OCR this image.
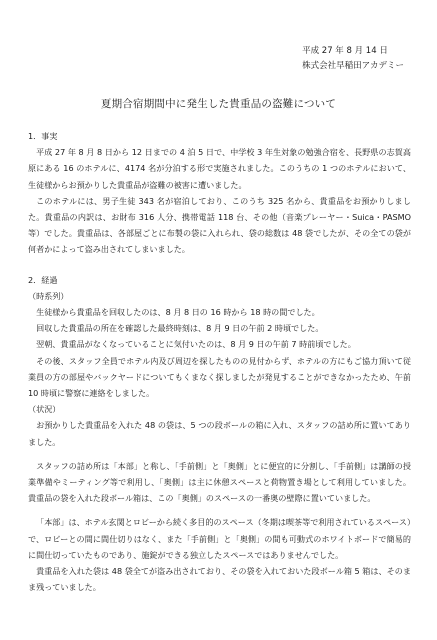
平成 27 年 8 月 14 日
株式会社早稲田アカデミー
夏期合宿期間中に発生した貴重品の盗難について

1．事実

平成 27 年 8 月 8 日から 12 日までの 4 泊 5 日で、中学校 3 年生対象の勉強合宿を、長野県の志賀高原にある 16 のホテルに、4174 名が分泊する形で実施されました。このうちの 1 つのホテルにおいて、生徒様からお預かりした貴重品が盗難の被害に遭いました。

このホテルには、男子生徒 343 名が宿泊しており、このうち 325 名から、貴重品をお預かりしました。貴重品の内訳は、お財布 316 人分、携帯電話 118 台、その他（音楽プレーヤー・Suica・PASMO 等）でした。貴重品は、各部屋ごとに布製の袋に入れられ、袋の総数は 48 袋でしたが、その全ての袋が何者かによって盗み出されてしまいました。

2．経過

（時系列）

生徒様から貴重品を回収したのは、8 月 8 日の 16 時から 18 時の間でした。

回収した貴重品の所在を確認した最終時刻は、8 月 9 日の午前 2 時頃でした。

翌朝、貴重品がなくなっていることに気付いたのは、8 月 9 日の午前 7 時前頃でした。

その後、スタッフ全員でホテル内及び周辺を探したものの見付からず、ホテルの方にもご協力頂いて従業員の方の部屋やバックヤードについてもくまなく探しましたが発見することができなかったため、午前 10 時頃に警察に連絡をしました。

（状況）

お預かりした貴重品を入れた 48 の袋は、5 つの段ボールの箱に入れ、スタッフの詰め所に置いてありました。

スタッフの詰め所は「本部」と称し、「手前側」と「奥側」とに便宜的に分割し、「手前側」は講師の授業準備やミーティング等で利用し、「奥側」は主に休憩スペースと荷物置き場として利用していました。貴重品の袋を入れた段ボール箱は、この「奥側」のスペースの一番奥の壁際に置いていました。

「本部」は、ホテル玄関とロビーから続く多目的のスペース（冬期は喫茶等で利用されているスペース）で、ロビーとの間に間仕切りはなく、また「手前側」と「奥側」の間も可動式のホワイトボードで簡易的に間仕切っていたものであり、施錠ができる独立したスペースではありませんでした。

貴重品を入れた袋は 48 袋全てが盗み出されており、その袋を入れておいた段ボール箱 5 箱は、そのまま残っていました。
